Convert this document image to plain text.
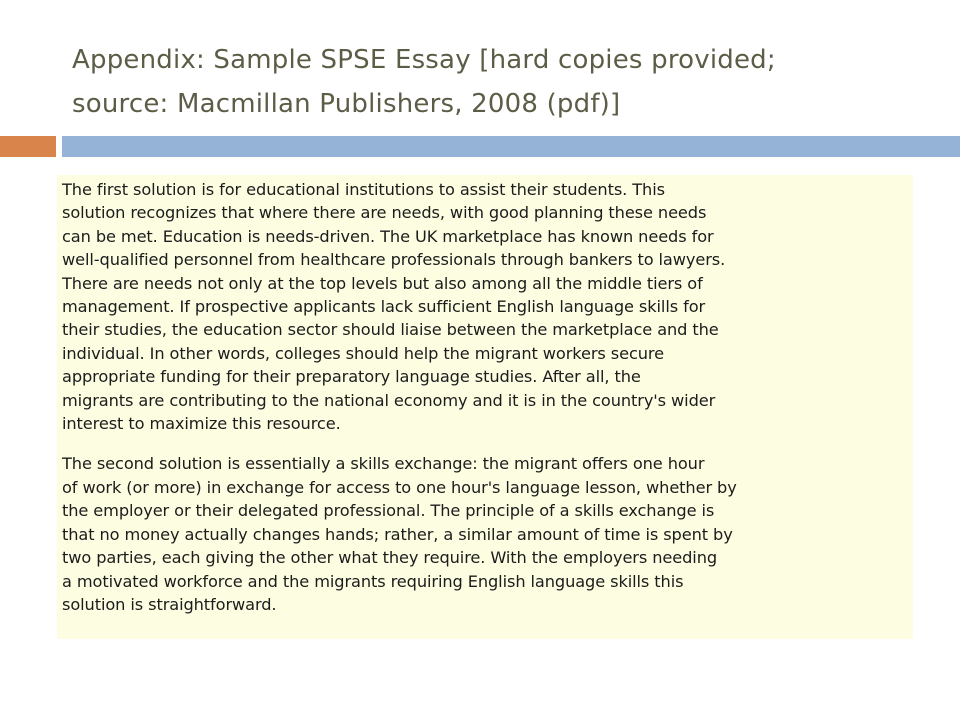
Appendix: Sample SPSE Essay [hard copies provided;
source: Macmillan Publishers, 2008 (pdf)]

The first solution is for educational institutions to assist their students. This
solution recognizes that where there are needs, with good planning these needs
can be met. Education is needs-driven. The UK marketplace has known needs for
well-qualified personnel from healthcare professionals through bankers to lawyers.
There are needs not only at the top levels but also among all the middle tiers of
management. If prospective applicants lack sufficient English language skills for
their studies, the education sector should liaise between the marketplace and the
individual. In other words, colleges should help the migrant workers secure
appropriate funding for their preparatory language studies. After all, the
migrants are contributing to the national economy and it is in the country's wider
interest to maximize this resource.

The second solution is essentially a skills exchange: the migrant offers one hour
of work (or more) in exchange for access to one hour's language lesson, whether by
the employer or their delegated professional. The principle of a skills exchange is
that no money actually changes hands; rather, a similar amount of time is spent by
two parties, each giving the other what they require. With the employers needing
a motivated workforce and the migrants requiring English language skills this
solution is straightforward.
